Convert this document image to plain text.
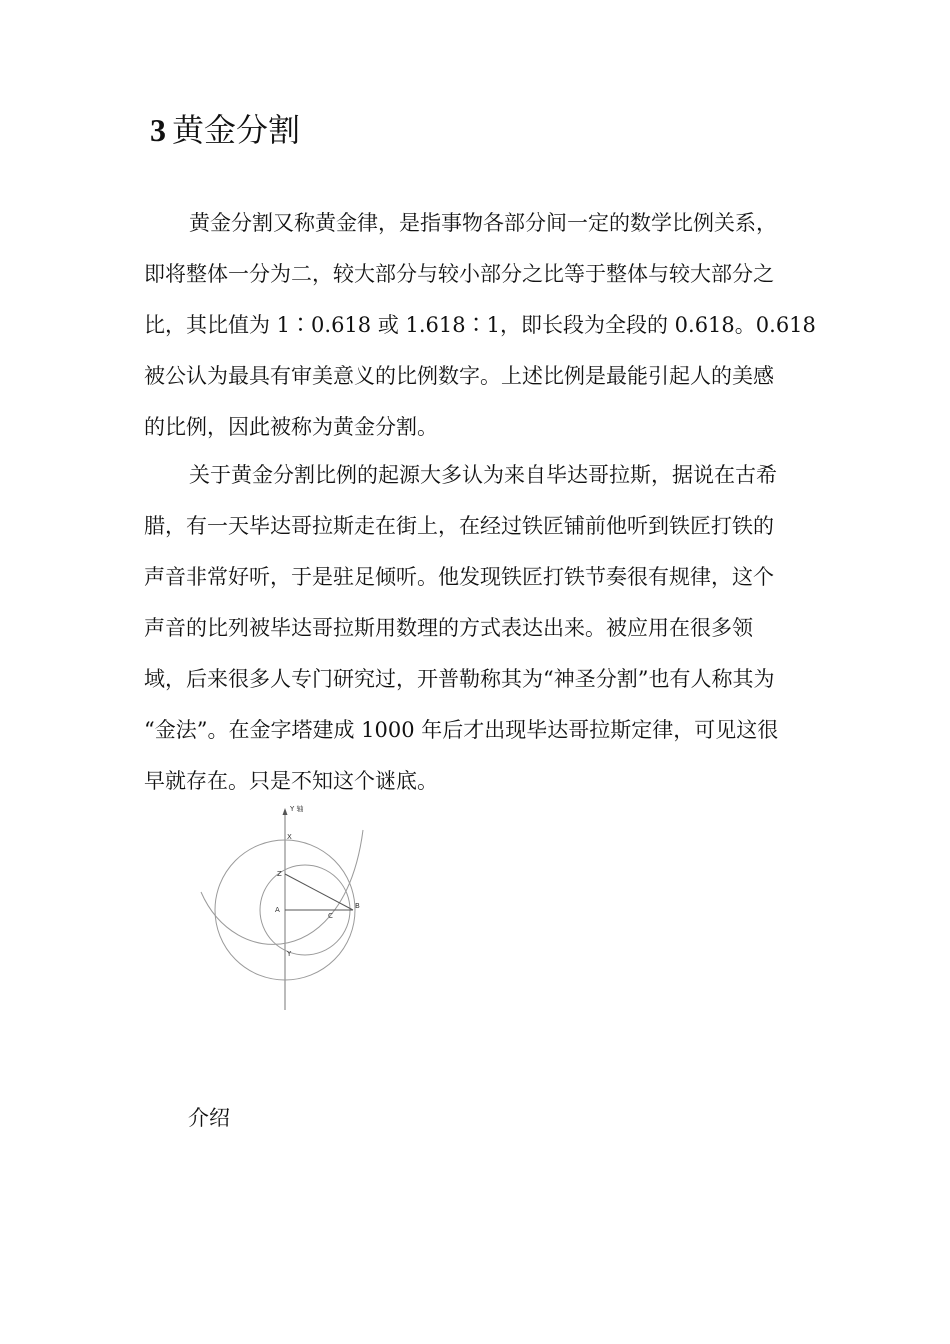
3 黄金分割
黄金分割又称黄金律，是指事物各部分间一定的数学比例关系，
即将整体一分为二，较大部分与较小部分之比等于整体与较大部分之
比，其比值为 1∶0.618 或 1.618∶1，即长段为全段的 0.618。0.618
被公认为最具有审美意义的比例数字。上述比例是最能引起人的美感
的比例，因此被称为黄金分割。
关于黄金分割比例的起源大多认为来自毕达哥拉斯，据说在古希
腊，有一天毕达哥拉斯走在街上，在经过铁匠铺前他听到铁匠打铁的
声音非常好听，于是驻足倾听。他发现铁匠打铁节奏很有规律，这个
声音的比列被毕达哥拉斯用数理的方式表达出来。被应用在很多领
域，后来很多人专门研究过，开普勒称其为“神圣分割”也有人称其为
“金法”。在金字塔建成 1000 年后才出现毕达哥拉斯定律，可见这很
早就存在。只是不知这个谜底。
Y 轴
X
Z
A
C
B
Y
介绍
